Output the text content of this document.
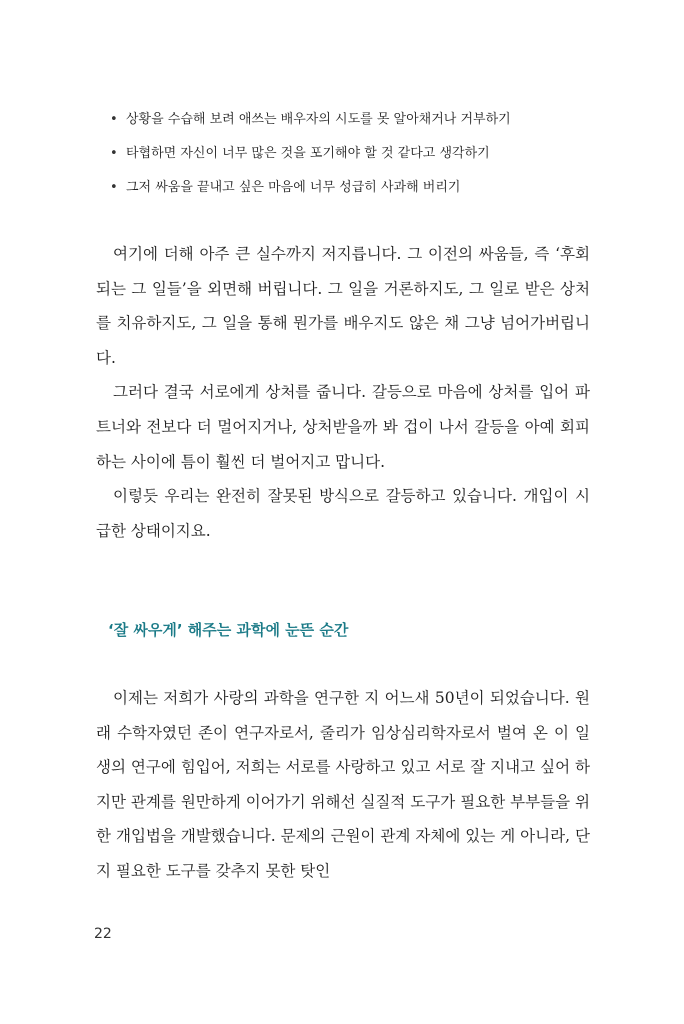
• 상황을 수습해 보려 애쓰는 배우자의 시도를 못 알아채거나 거부하기
• 타협하면 자신이 너무 많은 것을 포기해야 할 것 같다고 생각하기
• 그저 싸움을 끝내고 싶은 마음에 너무 성급히 사과해 버리기

여기에 더해 아주 큰 실수까지 저지릅니다. 그 이전의 싸움들, 즉 ‘후회되는 그 일들’을 외면해 버립니다. 그 일을 거론하지도, 그 일로 받은 상처를 치유하지도, 그 일을 통해 뭔가를 배우지도 않은 채 그냥 넘어가버립니다.

그러다 결국 서로에게 상처를 줍니다. 갈등으로 마음에 상처를 입어 파트너와 전보다 더 멀어지거나, 상처받을까 봐 겁이 나서 갈등을 아예 회피하는 사이에 틈이 훨씬 더 벌어지고 맙니다.

이렇듯 우리는 완전히 잘못된 방식으로 갈등하고 있습니다. 개입이 시급한 상태이지요.

‘잘 싸우게’ 해주는 과학에 눈뜬 순간

이제는 저희가 사랑의 과학을 연구한 지 어느새 50년이 되었습니다. 원래 수학자였던 존이 연구자로서, 줄리가 임상심리학자로서 벌여 온 이 일생의 연구에 힘입어, 저희는 서로를 사랑하고 있고 서로 잘 지내고 싶어 하지만 관계를 원만하게 이어가기 위해선 실질적 도구가 필요한 부부들을 위한 개입법을 개발했습니다. 문제의 근원이 관계 자체에 있는 게 아니라, 단지 필요한 도구를 갖추지 못한 탓인

22
